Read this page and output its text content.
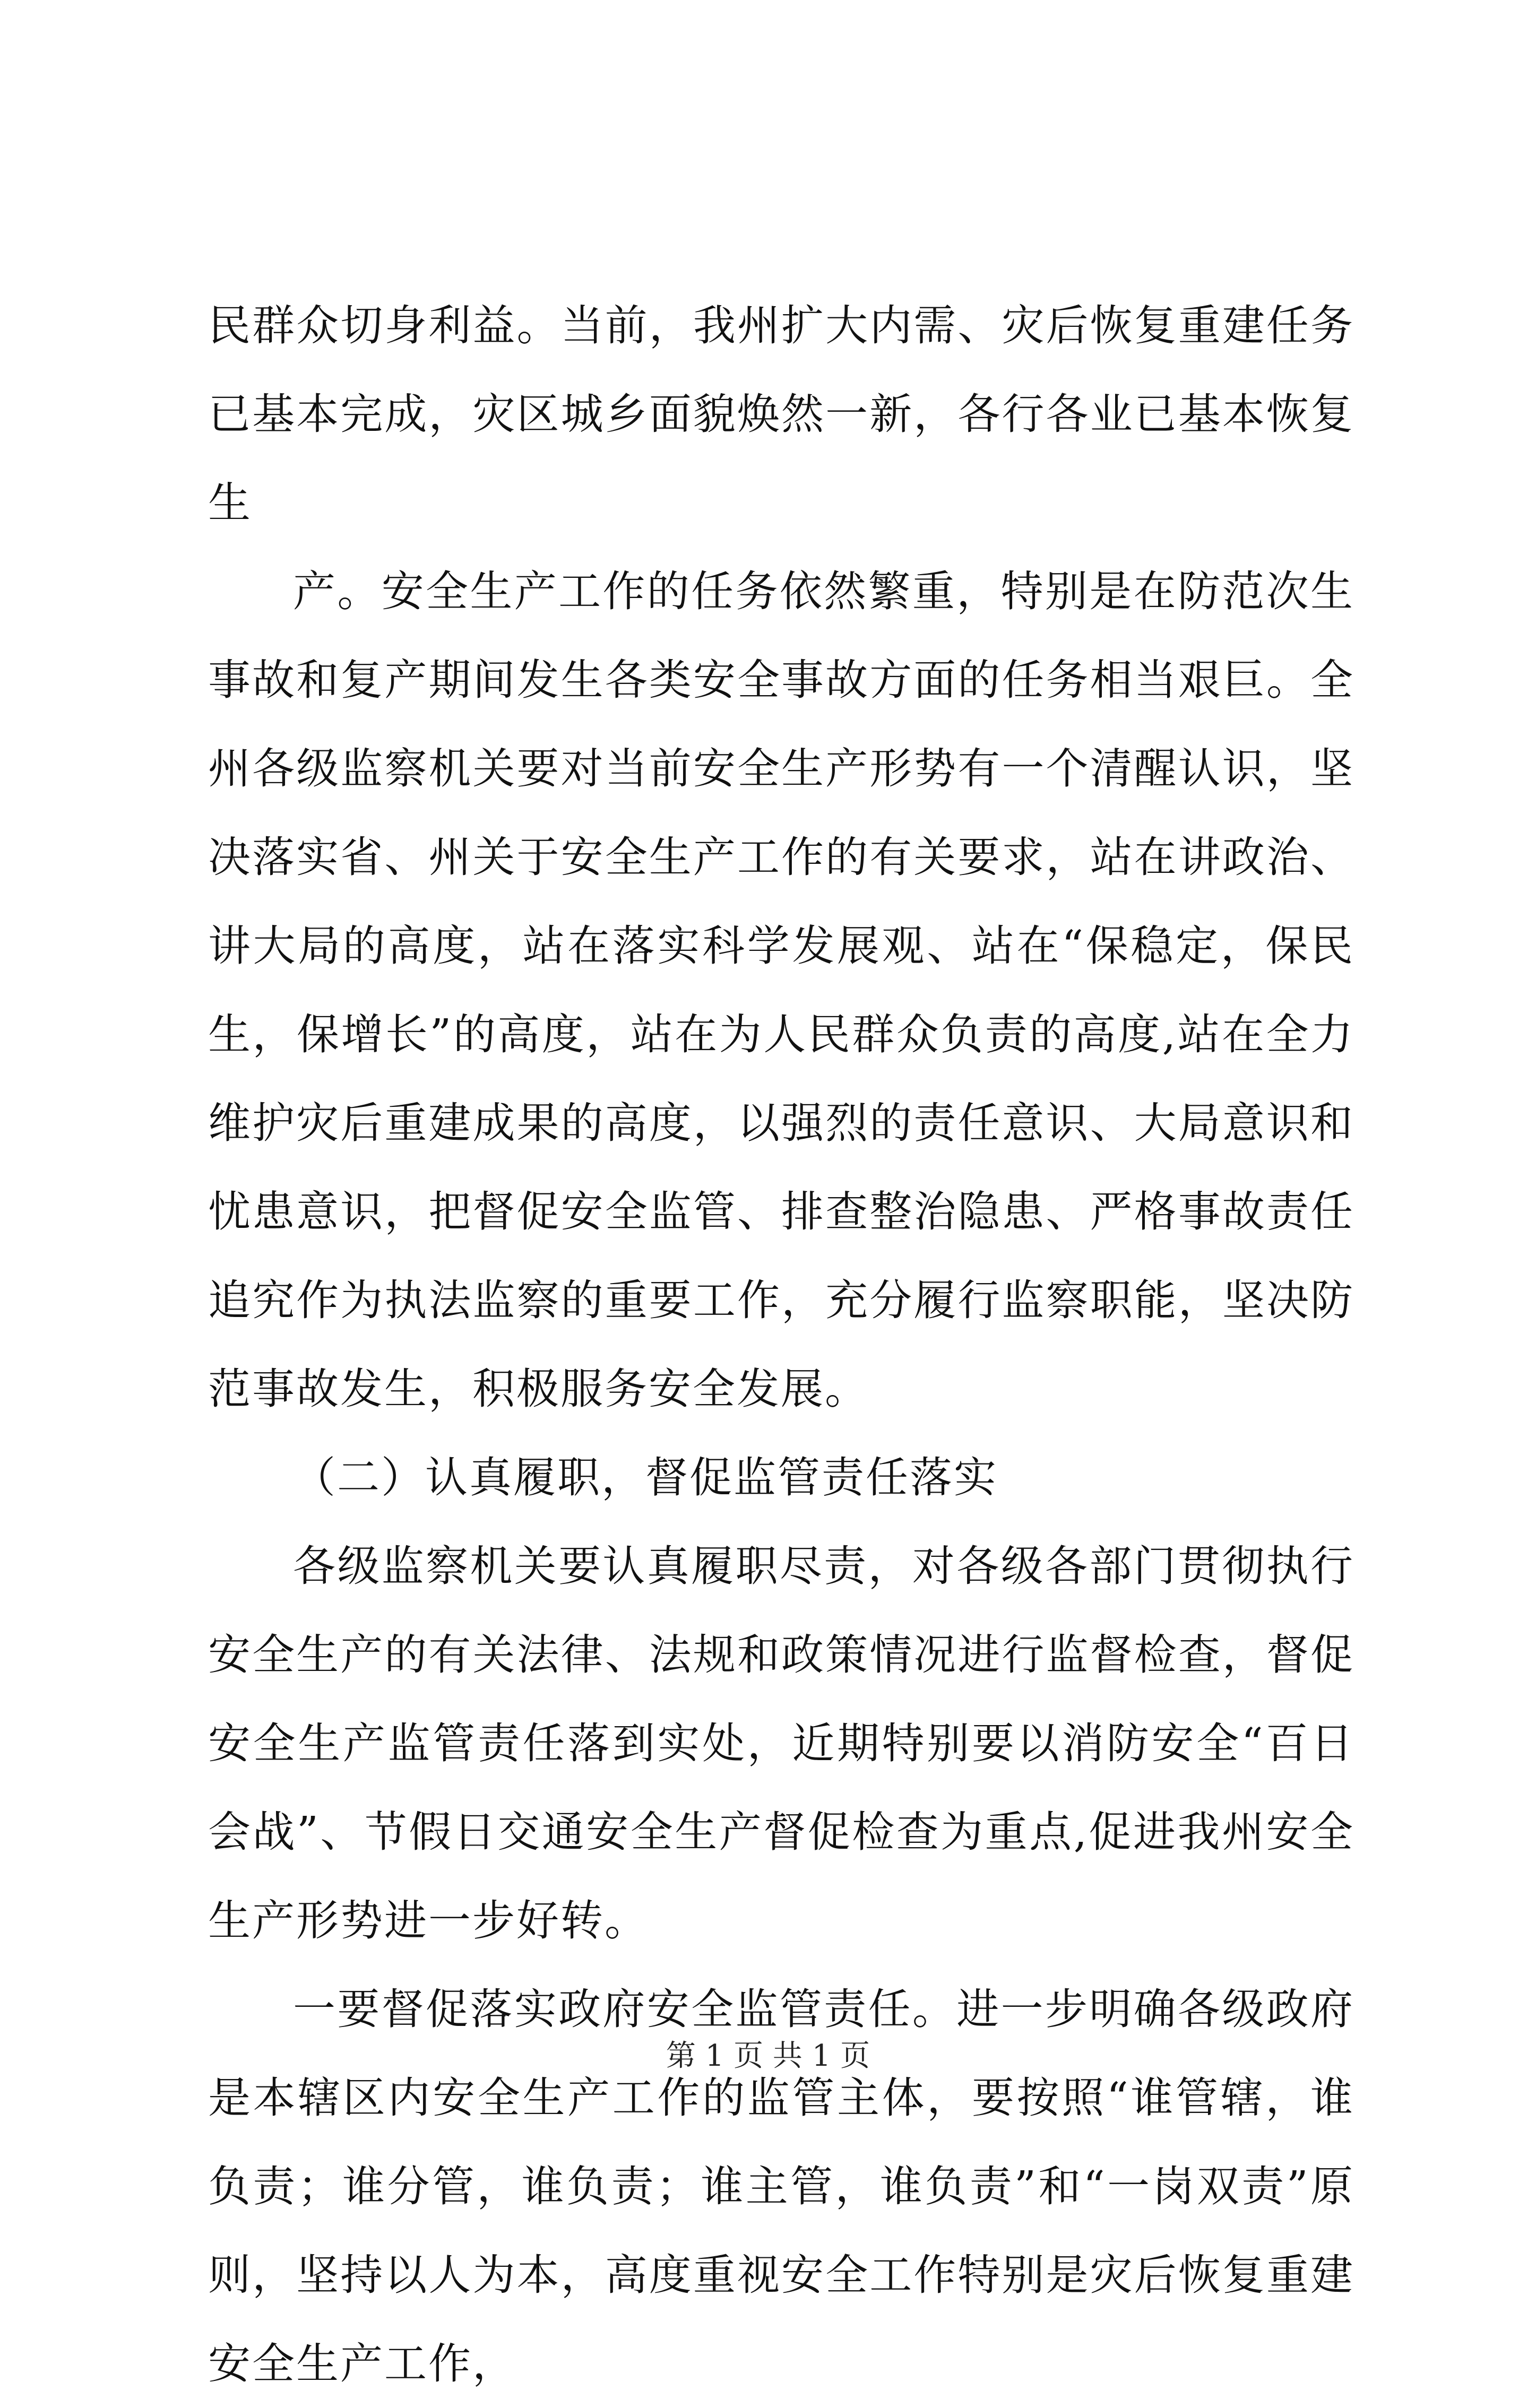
民群众切身利益。当前，我州扩大内需、灾后恢复重建任务已基本完成，灾区城乡面貌焕然一新，各行各业已基本恢复生

产。安全生产工作的任务依然繁重，特别是在防范次生事故和复产期间发生各类安全事故方面的任务相当艰巨。全州各级监察机关要对当前安全生产形势有一个清醒认识，坚决落实省、州关于安全生产工作的有关要求，站在讲政治、讲大局的高度，站在落实科学发展观、站在“保稳定，保民生，保增长”的高度，站在为人民群众负责的高度,站在全力维护灾后重建成果的高度，以强烈的责任意识、大局意识和忧患意识，把督促安全监管、排查整治隐患、严格事故责任追究作为执法监察的重要工作，充分履行监察职能，坚决防范事故发生，积极服务安全发展。

（二）认真履职，督促监管责任落实

各级监察机关要认真履职尽责，对各级各部门贯彻执行安全生产的有关法律、法规和政策情况进行监督检查，督促安全生产监管责任落到实处，近期特别要以消防安全“百日会战”、节假日交通安全生产督促检查为重点,促进我州安全生产形势进一步好转。

一要督促落实政府安全监管责任。进一步明确各级政府是本辖区内安全生产工作的监管主体，要按照“谁管辖，谁负责；谁分管，谁负责；谁主管，谁负责”和“一岗双责”原则，坚持以人为本，高度重视安全工作特别是灾后恢复重建安全生产工作，

第 1 页 共 1 页
